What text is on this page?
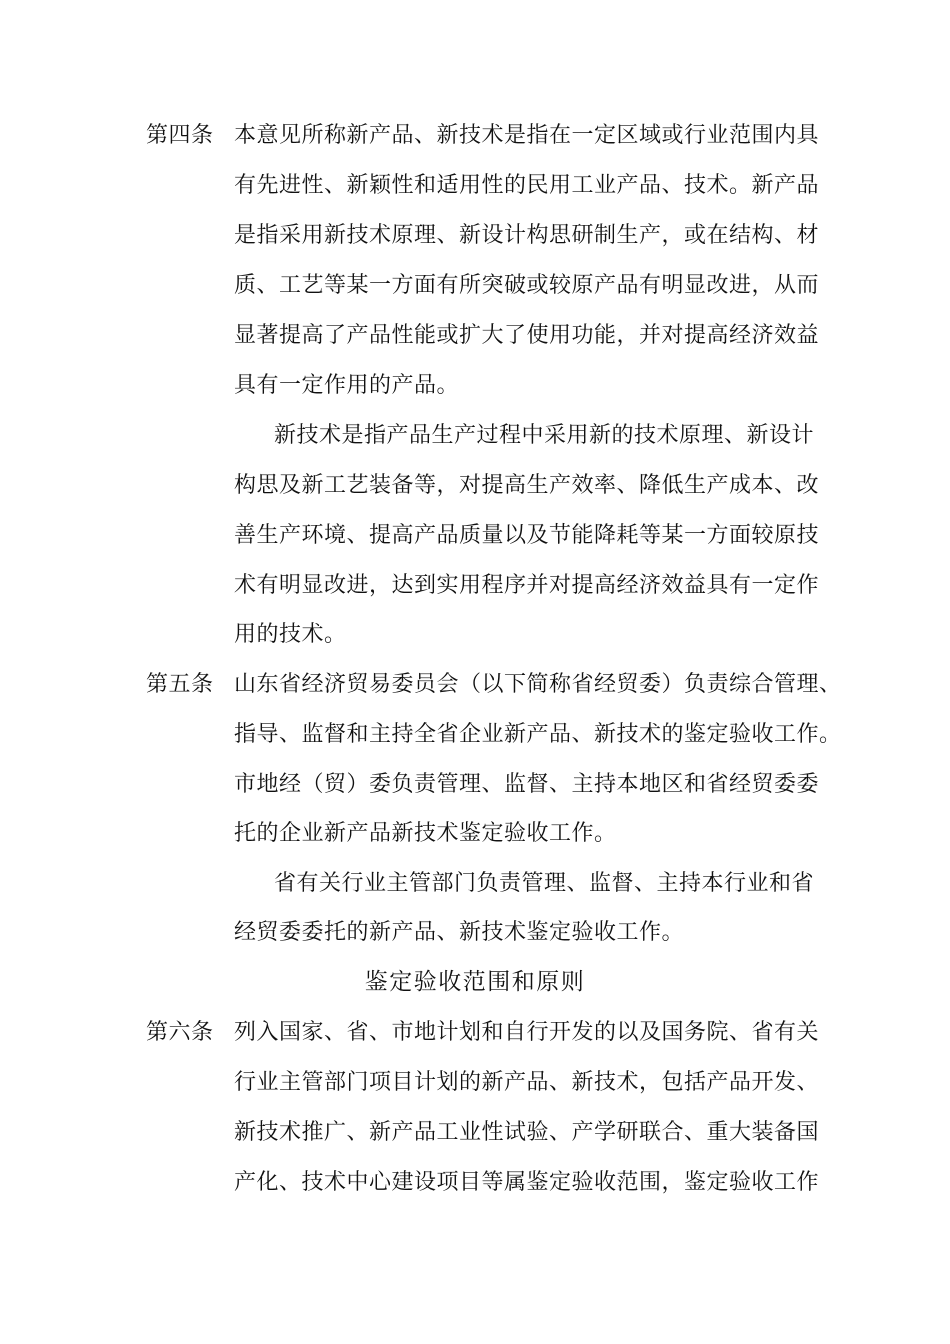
第四条 本意见所称新产品、新技术是指在一定区域或行业范围内具
有先进性、新颖性和适用性的民用工业产品、技术。新产品
是指采用新技术原理、新设计构思研制生产，或在结构、材
质、工艺等某一方面有所突破或较原产品有明显改进，从而
显著提高了产品性能或扩大了使用功能，并对提高经济效益
具有一定作用的产品。
新技术是指产品生产过程中采用新的技术原理、新设计
构思及新工艺装备等，对提高生产效率、降低生产成本、改
善生产环境、提高产品质量以及节能降耗等某一方面较原技
术有明显改进，达到实用程序并对提高经济效益具有一定作
用的技术。
第五条 山东省经济贸易委员会（以下简称省经贸委）负责综合管理、
指导、监督和主持全省企业新产品、新技术的鉴定验收工作。
市地经（贸）委负责管理、监督、主持本地区和省经贸委委
托的企业新产品新技术鉴定验收工作。
省有关行业主管部门负责管理、监督、主持本行业和省
经贸委委托的新产品、新技术鉴定验收工作。
鉴定验收范围和原则
第六条 列入国家、省、市地计划和自行开发的以及国务院、省有关
行业主管部门项目计划的新产品、新技术，包括产品开发、
新技术推广、新产品工业性试验、产学研联合、重大装备国
产化、技术中心建设项目等属鉴定验收范围，鉴定验收工作
